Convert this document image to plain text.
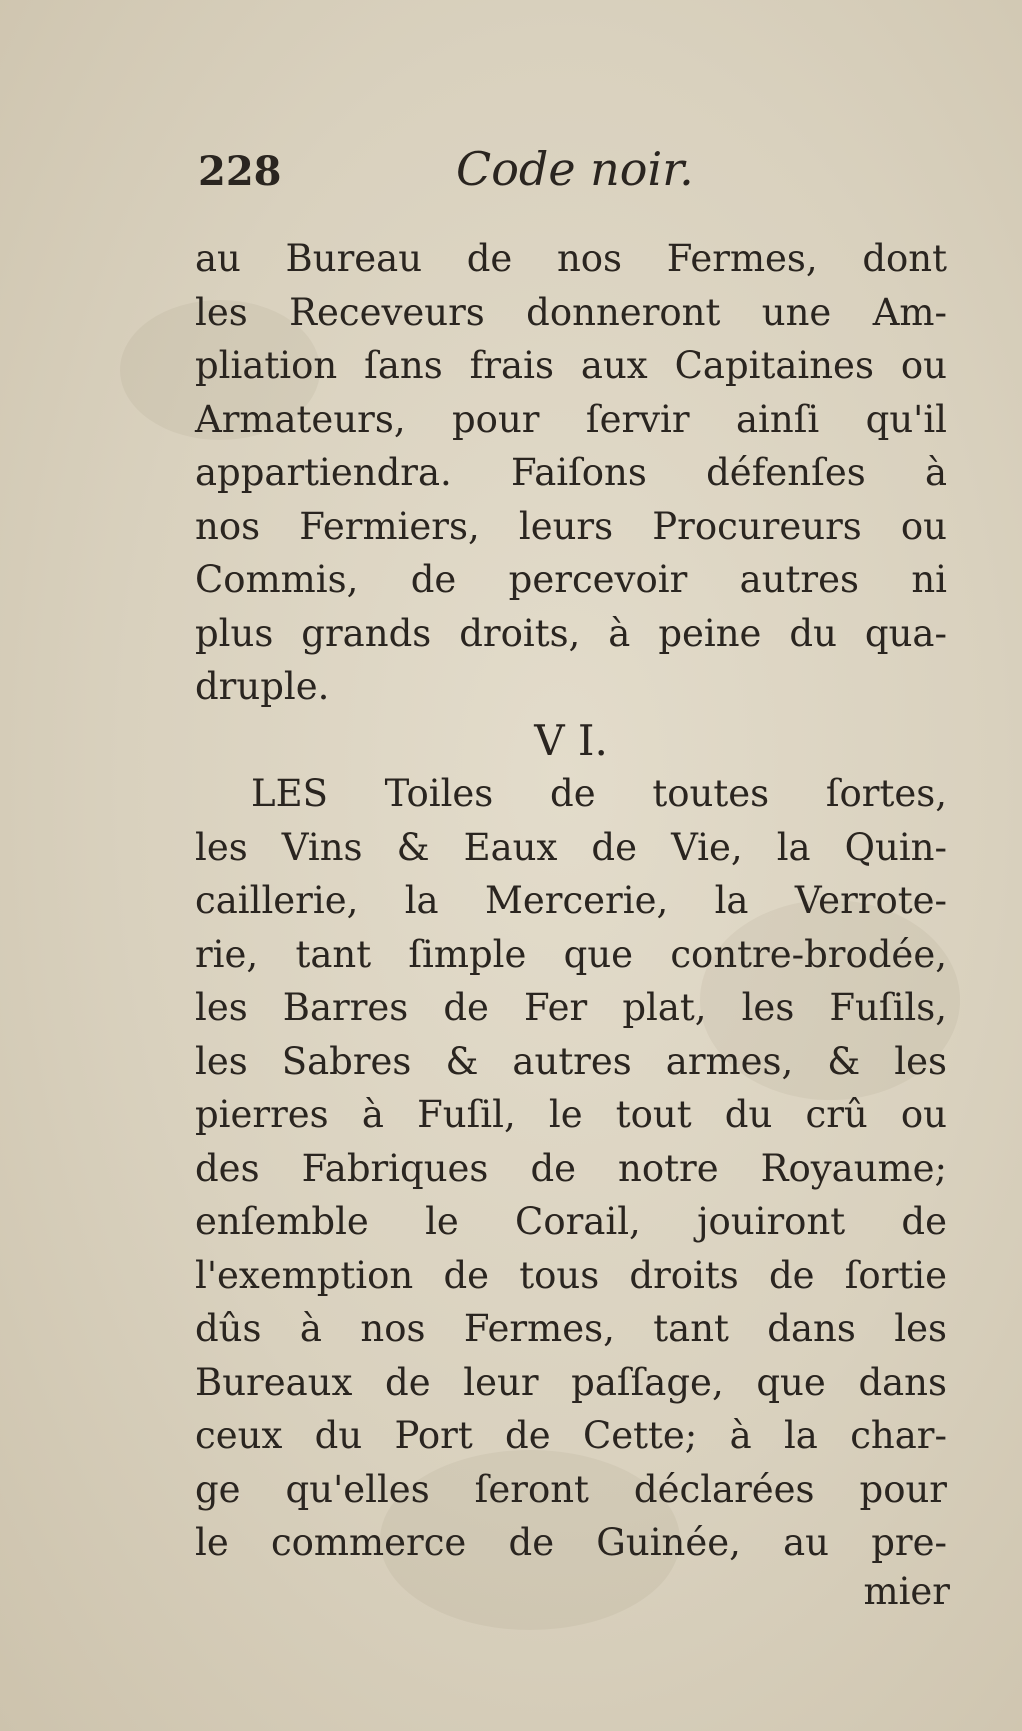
228	Code noir.
au Bureau de nos Fermes, dont
les Receveurs donneront une Am-
pliation ſans frais aux Capitaines ou
Armateurs, pour ſervir ainſi qu'il
appartiendra. Faiſons défenſes à
nos Fermiers, leurs Procureurs ou
Commis, de percevoir autres ni
plus grands droits, à peine du qua-
druple.
V I.
LES Toiles de toutes ſortes,
les Vins & Eaux de Vie, la Quin-
caillerie, la Mercerie, la Verrote-
rie, tant ſimple que contre-brodée,
les Barres de Fer plat, les Fuſils,
les Sabres & autres armes, & les
pierres à Fuſil, le tout du crû ou
des Fabriques de notre Royaume;
enſemble le Corail, jouiront de
l'exemption de tous droits de ſortie
dûs à nos Fermes, tant dans les
Bureaux de leur paſſage, que dans
ceux du Port de Cette; à la char-
ge qu'elles ſeront déclarées pour
le commerce de Guinée, au pre-
mier
